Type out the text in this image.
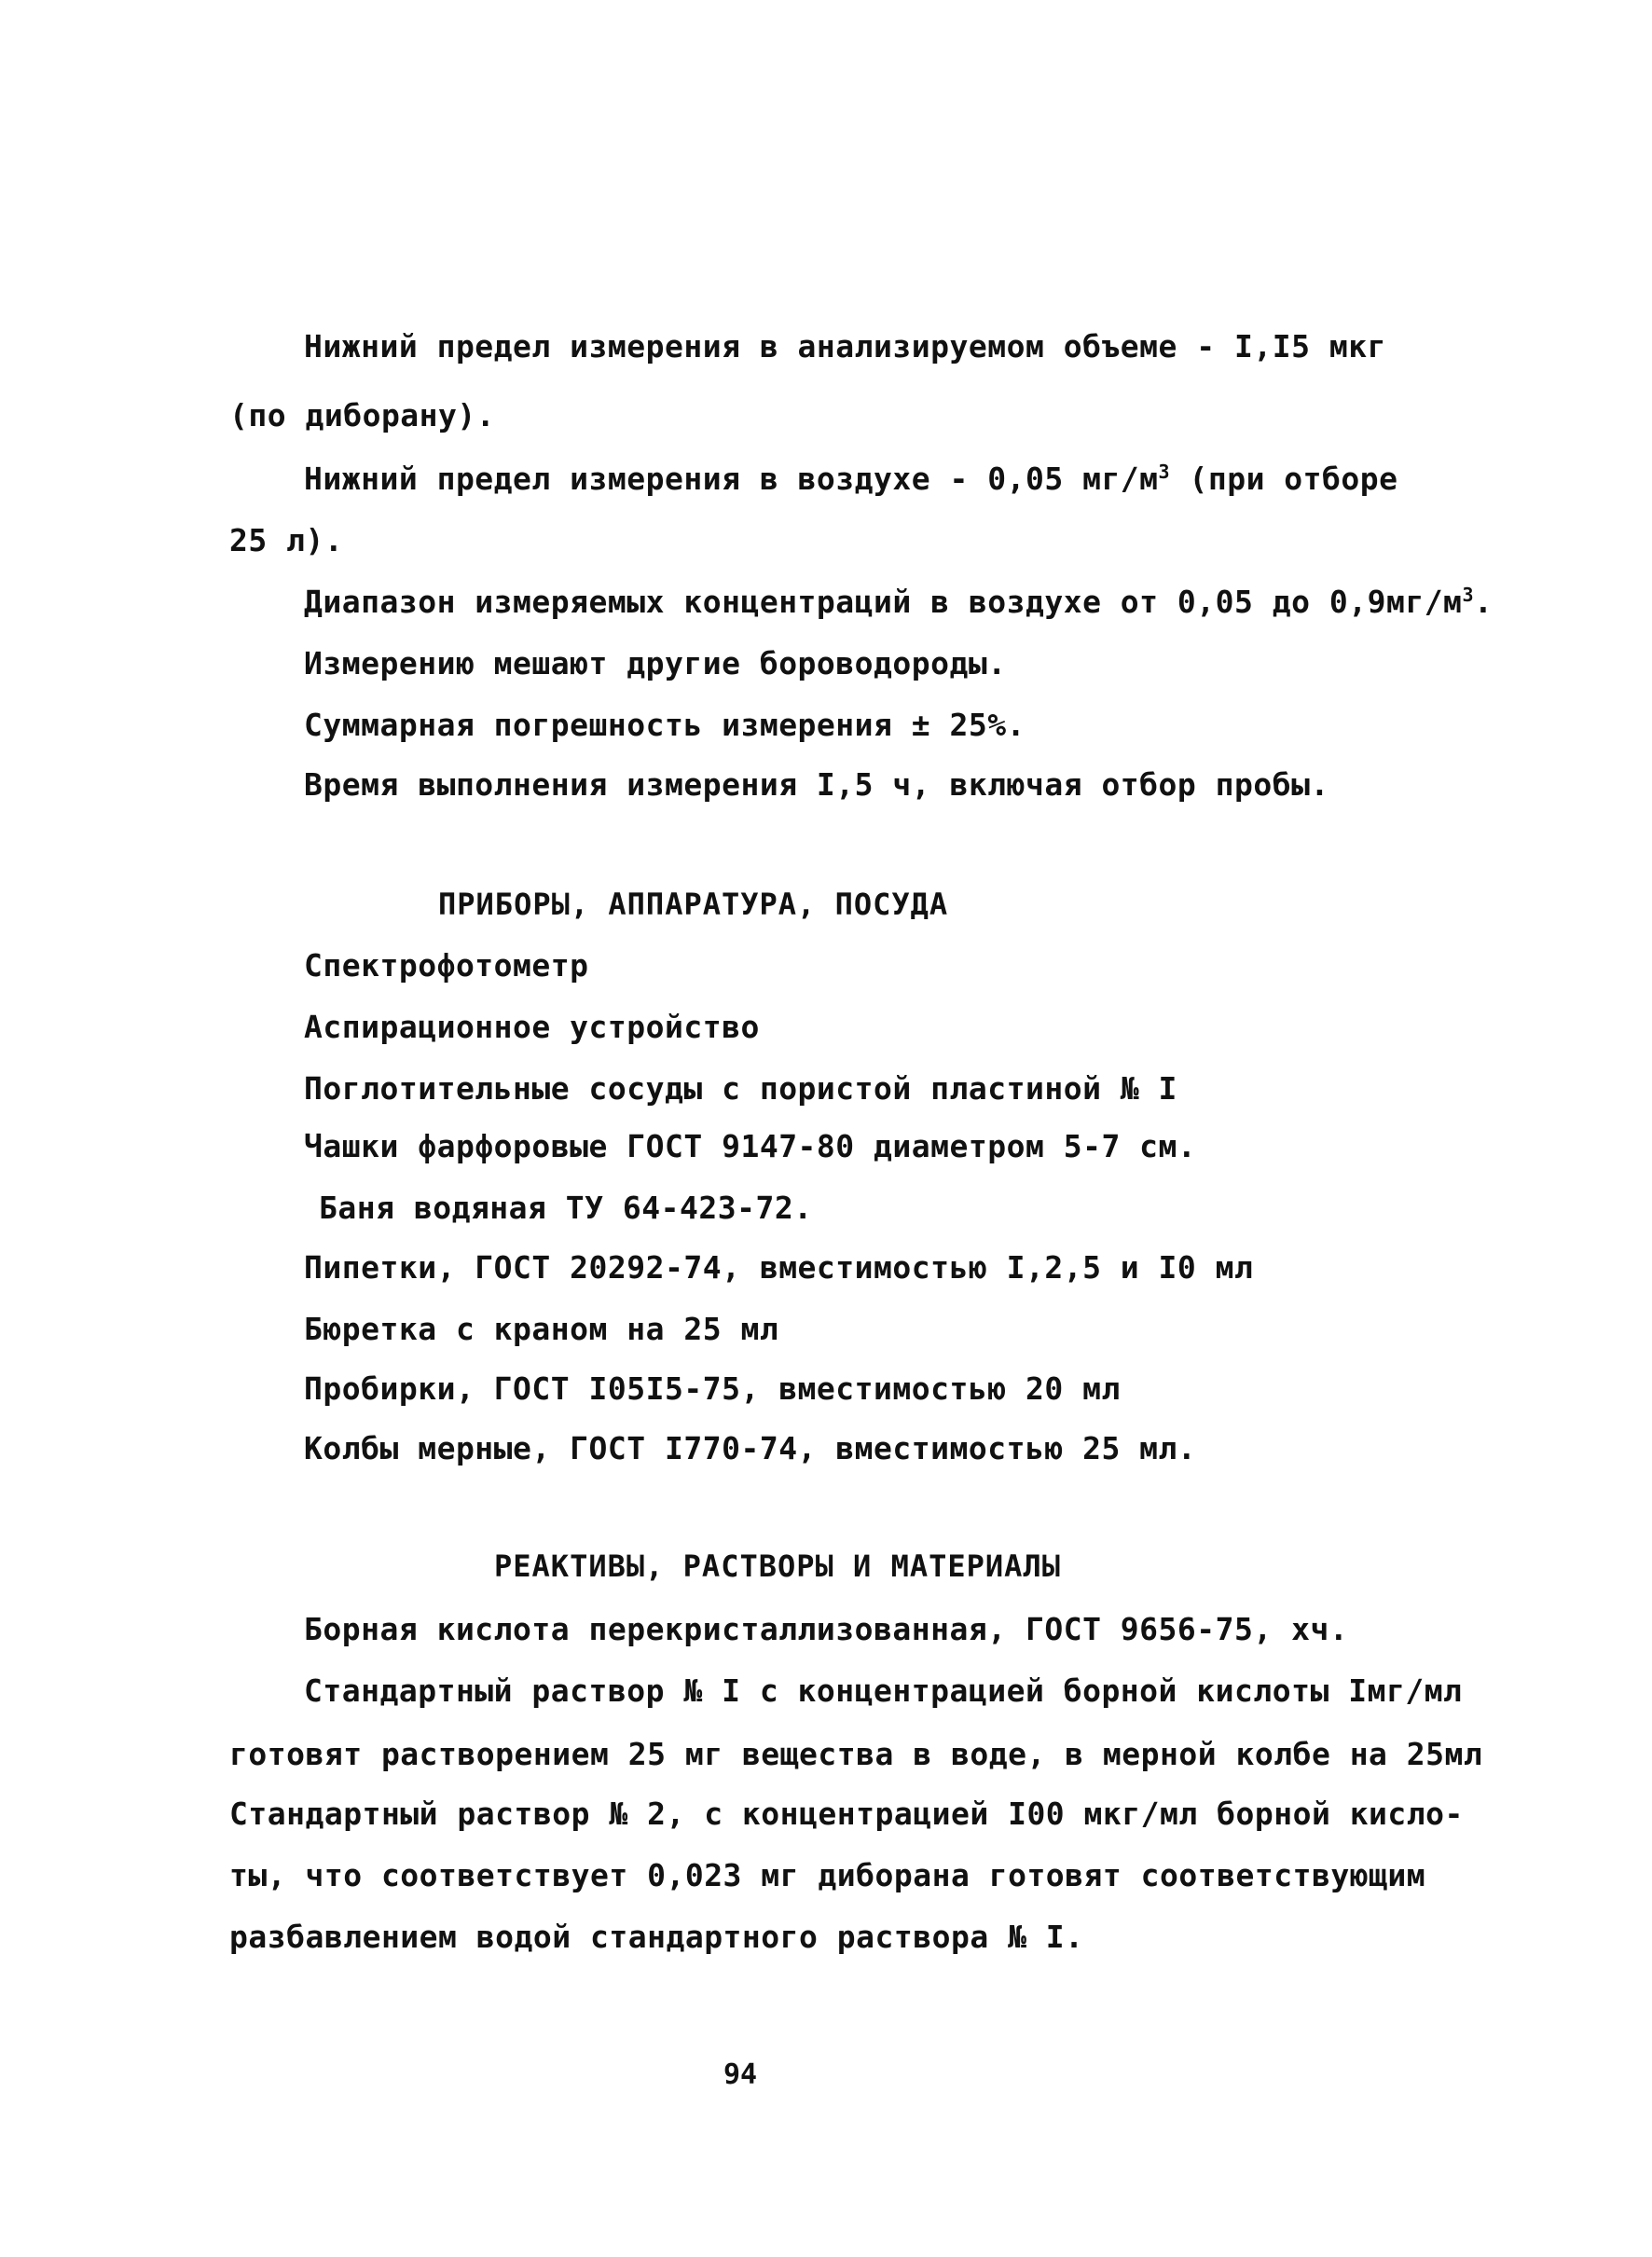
Нижний предел измерения в анализируемом объеме - I,I5 мкг
(по диборану).
Нижний предел измерения в воздухе - 0,05 $мг/м^3$ (при отборе
25 л).
Диапазон измеряемых концентраций в воздухе от 0,05 до $0,9мг/м^3$.
Измерению мешают другие бороводороды.
Суммарная погрешность измерения ± 25%.
Время выполнения измерения I,5 ч, включая отбор пробы.
ПРИБОРЫ, АППАРАТУРА, ПОСУДА
Спектрофотометр
Аспирационное устройство
Поглотительные сосуды с пористой пластиной № I
Чашки фарфоровые ГОСТ 9147-80 диаметром 5-7 см.
Баня водяная ТУ 64-423-72.
Пипетки, ГОСТ 20292-74, вместимостью I,2,5 и I0 мл
Бюретка с краном на 25 мл
Пробирки, ГОСТ I05I5-75, вместимостью 20 мл
Колбы мерные, ГОСТ I770-74, вместимостью 25 мл.
РЕАКТИВЫ, РАСТВОРЫ И МАТЕРИАЛЫ
Борная кислота перекристаллизованная, ГОСТ 9656-75, хч.
Стандартный раствор № I с концентрацией борной кислоты Iмг/мл
готовят растворением 25 мг вещества в воде, в мерной колбе на 25мл
Стандартный раствор № 2, с концентрацией I00 мкг/мл борной кисло-
ты, что соответствует 0,023 мг диборана готовят соответствующим
разбавлением водой стандартного раствора № I.
94
